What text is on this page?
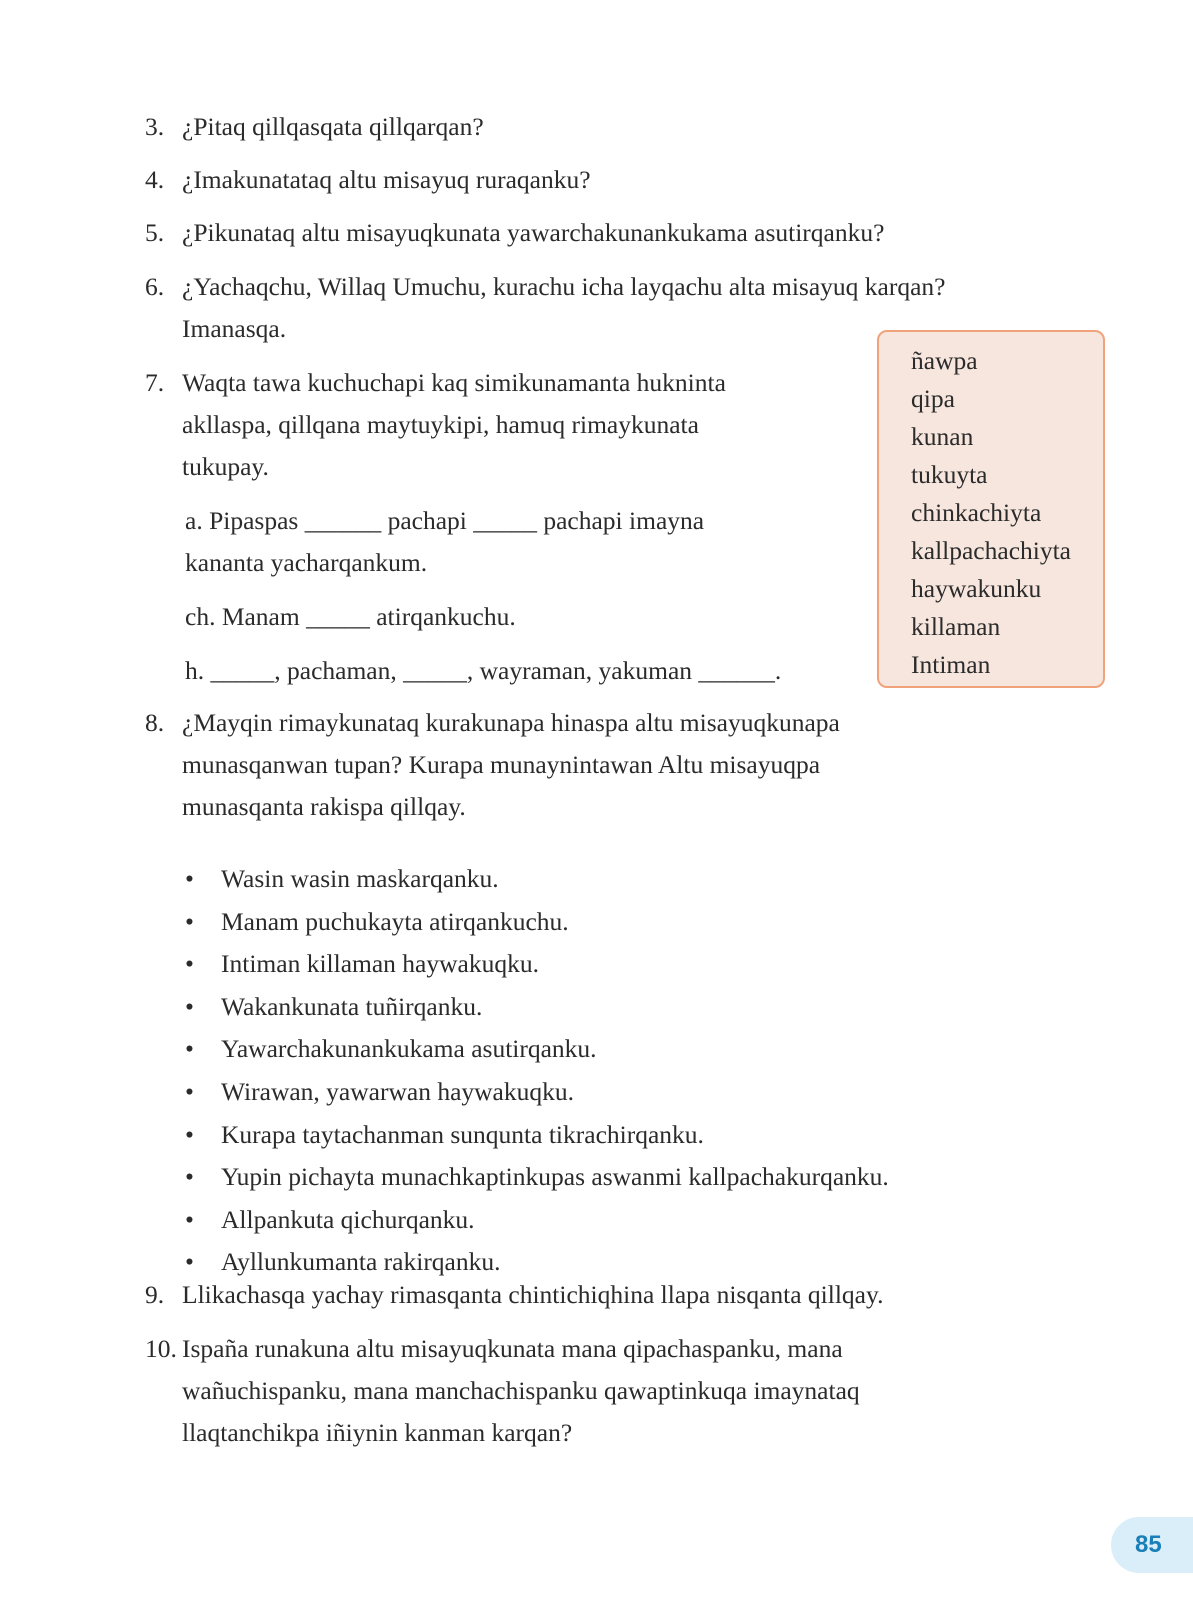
3. ¿Pitaq qillqasqata qillqarqan?
4. ¿Imakunatataq altu misayuq ruraqanku?
5. ¿Pikunataq altu misayuqkunata yawarchakunankukama asutirqanku?
6. ¿Yachaqchu, Willaq Umuchu, kurachu icha layqachu alta misayuq karqan?
Imanasqa.
7. Waqta tawa kuchuchapi kaq simikunamanta hukninta
akllaspa, qillqana maytuykipi, hamuq rimaykunata
tukupay.
a. Pipaspas ______ pachapi _____ pachapi imayna
kananta yacharqankum.
ch. Manam _____ atirqankuchu.
h. _____, pachaman, _____, wayraman, yakuman ______.
ñawpa
qipa
kunan
tukuyta
chinkachiyta
kallpachachiyta
haywakunku
killaman
Intiman
8. ¿Mayqin rimaykunataq kurakunapa hinaspa altu misayuqkunapa
munasqanwan tupan? Kurapa munaynintawan Altu misayuqpa
munasqanta rakispa qillqay.
• Wasin wasin maskarqanku.
• Manam puchukayta atirqankuchu.
• Intiman killaman haywakuqku.
• Wakankunata tuñirqanku.
• Yawarchakunankukama asutirqanku.
• Wirawan, yawarwan haywakuqku.
• Kurapa taytachanman sunqunta tikrachirqanku.
• Yupin pichayta munachkaptinkupas aswanmi kallpachakurqanku.
• Allpankuta qichurqanku.
• Ayllunkumanta rakirqanku.
9. Llikachasqa yachay rimasqanta chintichiqhina llapa nisqanta qillqay.
10. Ispaña runakuna altu misayuqkunata mana qipachaspanku, mana
wañuchispanku, mana manchachispanku qawaptinkuqa imaynataq
llaqtanchikpa iñiynin kanman karqan?
85
